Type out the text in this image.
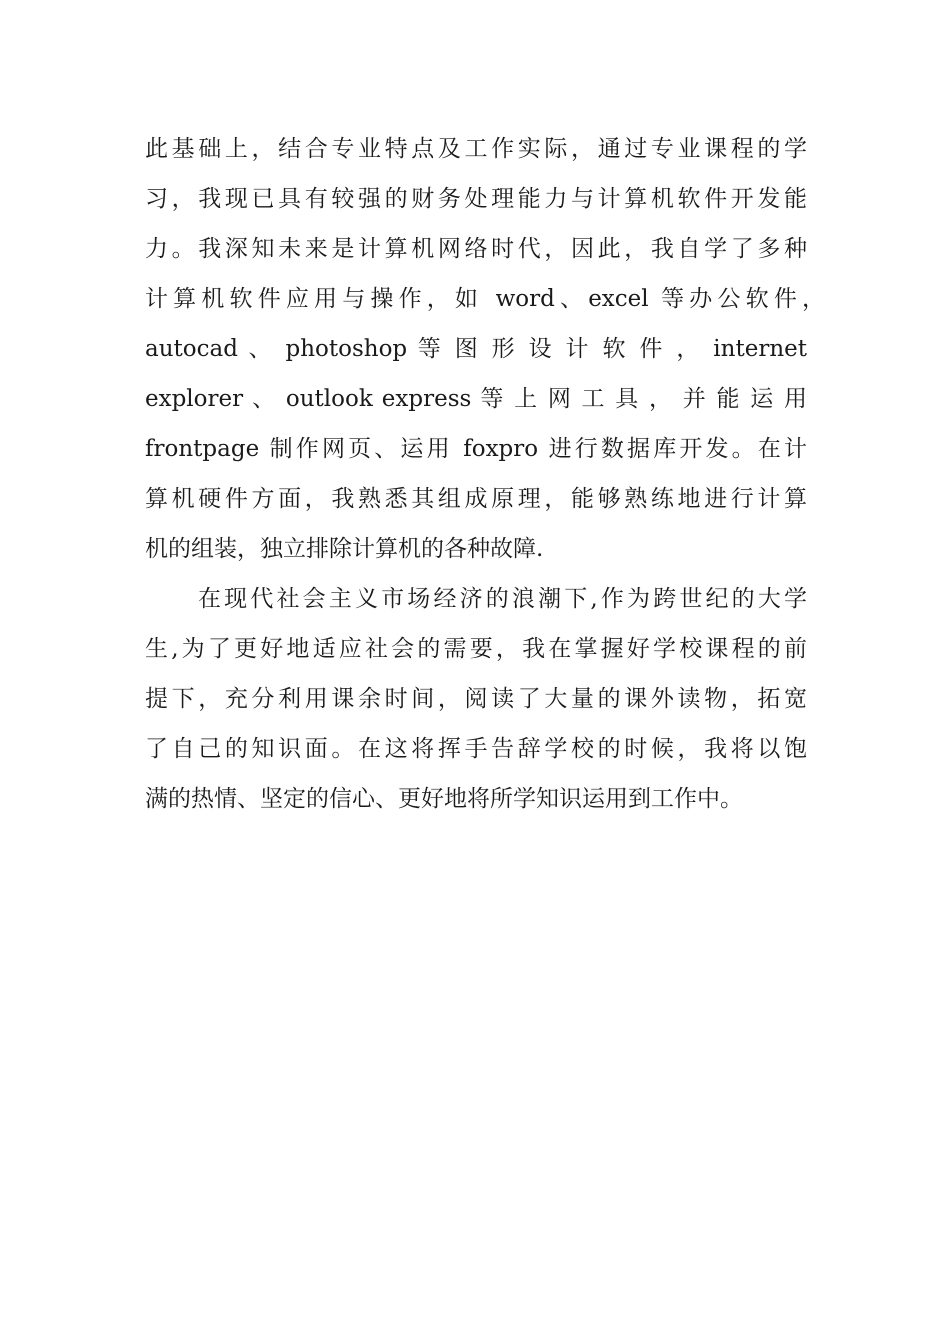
此基础上，结合专业特点及工作实际，通过专业课程的学
习，我现已具有较强的财务处理能力与计算机软件开发能
力。我深知未来是计算机网络时代，因此，我自学了多种
计算机软件应用与操作，如 word、excel 等办公软件，
autocad 、 photoshop 等 图 形 设 计 软 件 ， internet
explorer 、 outlook express 等 上 网 工 具 ， 并 能 运 用
frontpage 制作网页、运用 foxpro 进行数据库开发。在计
算机硬件方面，我熟悉其组成原理，能够熟练地进行计算
机的组装，独立排除计算机的各种故障.
在现代社会主义市场经济的浪潮下,作为跨世纪的大学
生,为了更好地适应社会的需要，我在掌握好学校课程的前
提下，充分利用课余时间，阅读了大量的课外读物，拓宽
了自己的知识面。在这将挥手告辞学校的时候，我将以饱
满的热情、坚定的信心、更好地将所学知识运用到工作中。
